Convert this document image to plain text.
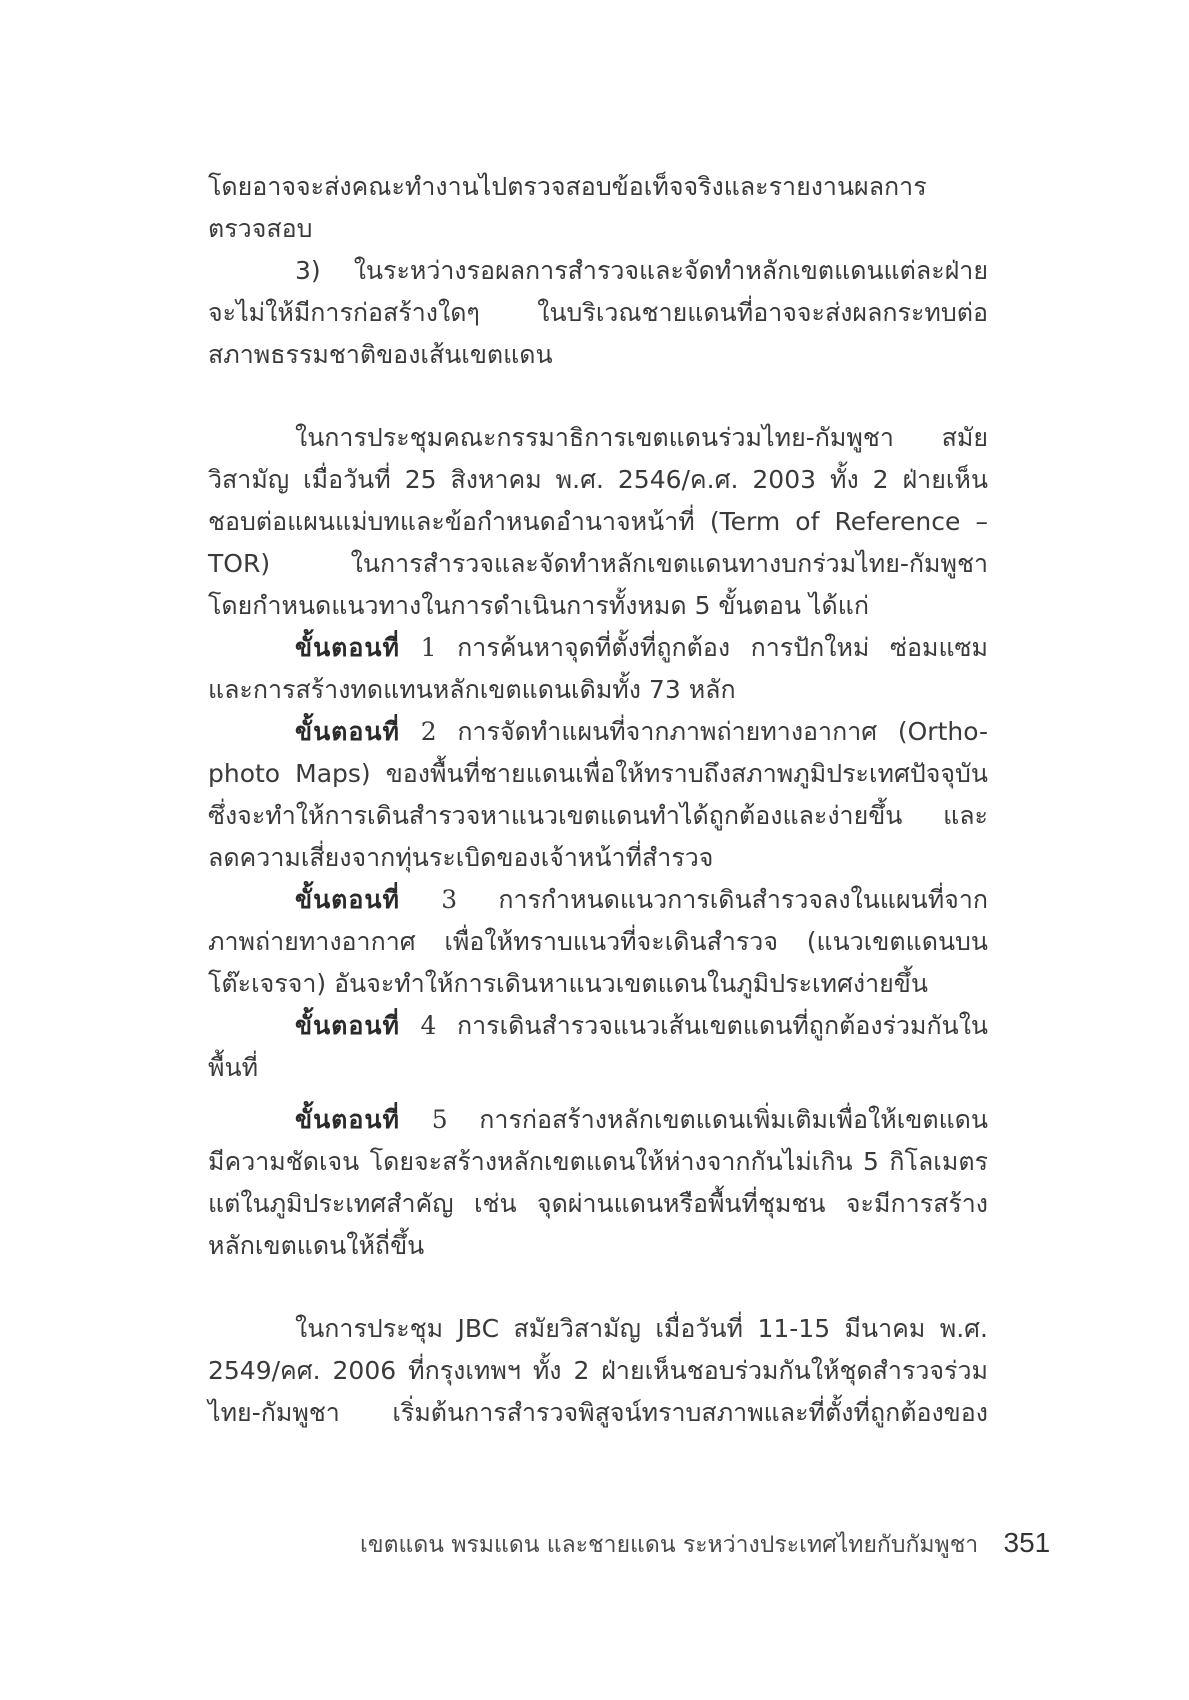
โดยอาจจะส่งคณะทำงานไปตรวจสอบข้อเท็จจริงและรายงานผลการ
ตรวจสอบ
3) ในระหว่างรอผลการสำรวจและจัดทำหลักเขตแดนแต่ละฝ่าย
จะไม่ให้มีการก่อสร้างใดๆ ในบริเวณชายแดนที่อาจจะส่งผลกระทบต่อ
สภาพธรรมชาติของเส้นเขตแดน
ในการประชุมคณะกรรมาธิการเขตแดนร่วมไทย-กัมพูชา สมัย
วิสามัญ เมื่อวันที่ 25 สิงหาคม พ.ศ. 2546/ค.ศ. 2003 ทั้ง 2 ฝ่ายเห็น
ชอบต่อแผนแม่บทและข้อกำหนดอำนาจหน้าที่ (Term of Reference –
TOR) ในการสำรวจและจัดทำหลักเขตแดนทางบกร่วมไทย-กัมพูชา
โดยกำหนดแนวทางในการดำเนินการทั้งหมด 5 ขั้นตอน ได้แก่
ขั้นตอนที่ 1 การค้นหาจุดที่ตั้งที่ถูกต้อง การปักใหม่ ซ่อมแซม
และการสร้างทดแทนหลักเขตแดนเดิมทั้ง 73 หลัก
ขั้นตอนที่ 2 การจัดทำแผนที่จากภาพถ่ายทางอากาศ (Ortho-
photo Maps) ของพื้นที่ชายแดนเพื่อให้ทราบถึงสภาพภูมิประเทศปัจจุบัน
ซึ่งจะทำให้การเดินสำรวจหาแนวเขตแดนทำได้ถูกต้องและง่ายขึ้น และ
ลดความเสี่ยงจากทุ่นระเบิดของเจ้าหน้าที่สำรวจ
ขั้นตอนที่ 3 การกำหนดแนวการเดินสำรวจลงในแผนที่จาก
ภาพถ่ายทางอากาศ เพื่อให้ทราบแนวที่จะเดินสำรวจ (แนวเขตแดนบน
โต๊ะเจรจา) อันจะทำให้การเดินหาแนวเขตแดนในภูมิประเทศง่ายขึ้น
ขั้นตอนที่ 4 การเดินสำรวจแนวเส้นเขตแดนที่ถูกต้องร่วมกันใน
พื้นที่
ขั้นตอนที่ 5 การก่อสร้างหลักเขตแดนเพิ่มเติมเพื่อให้เขตแดน
มีความชัดเจน โดยจะสร้างหลักเขตแดนให้ห่างจากกันไม่เกิน 5 กิโลเมตร
แต่ในภูมิประเทศสำคัญ เช่น จุดผ่านแดนหรือพื้นที่ชุมชน จะมีการสร้าง
หลักเขตแดนให้ถี่ขึ้น
ในการประชุม JBC สมัยวิสามัญ เมื่อวันที่ 11-15 มีนาคม พ.ศ.
2549/คศ. 2006 ที่กรุงเทพฯ ทั้ง 2 ฝ่ายเห็นชอบร่วมกันให้ชุดสำรวจร่วม
ไทย-กัมพูชา เริ่มต้นการสำรวจพิสูจน์ทราบสภาพและที่ตั้งที่ถูกต้องของ
เขตแดน พรมแดน และชายแดน ระหว่างประเทศไทยกับกัมพูชา 351
